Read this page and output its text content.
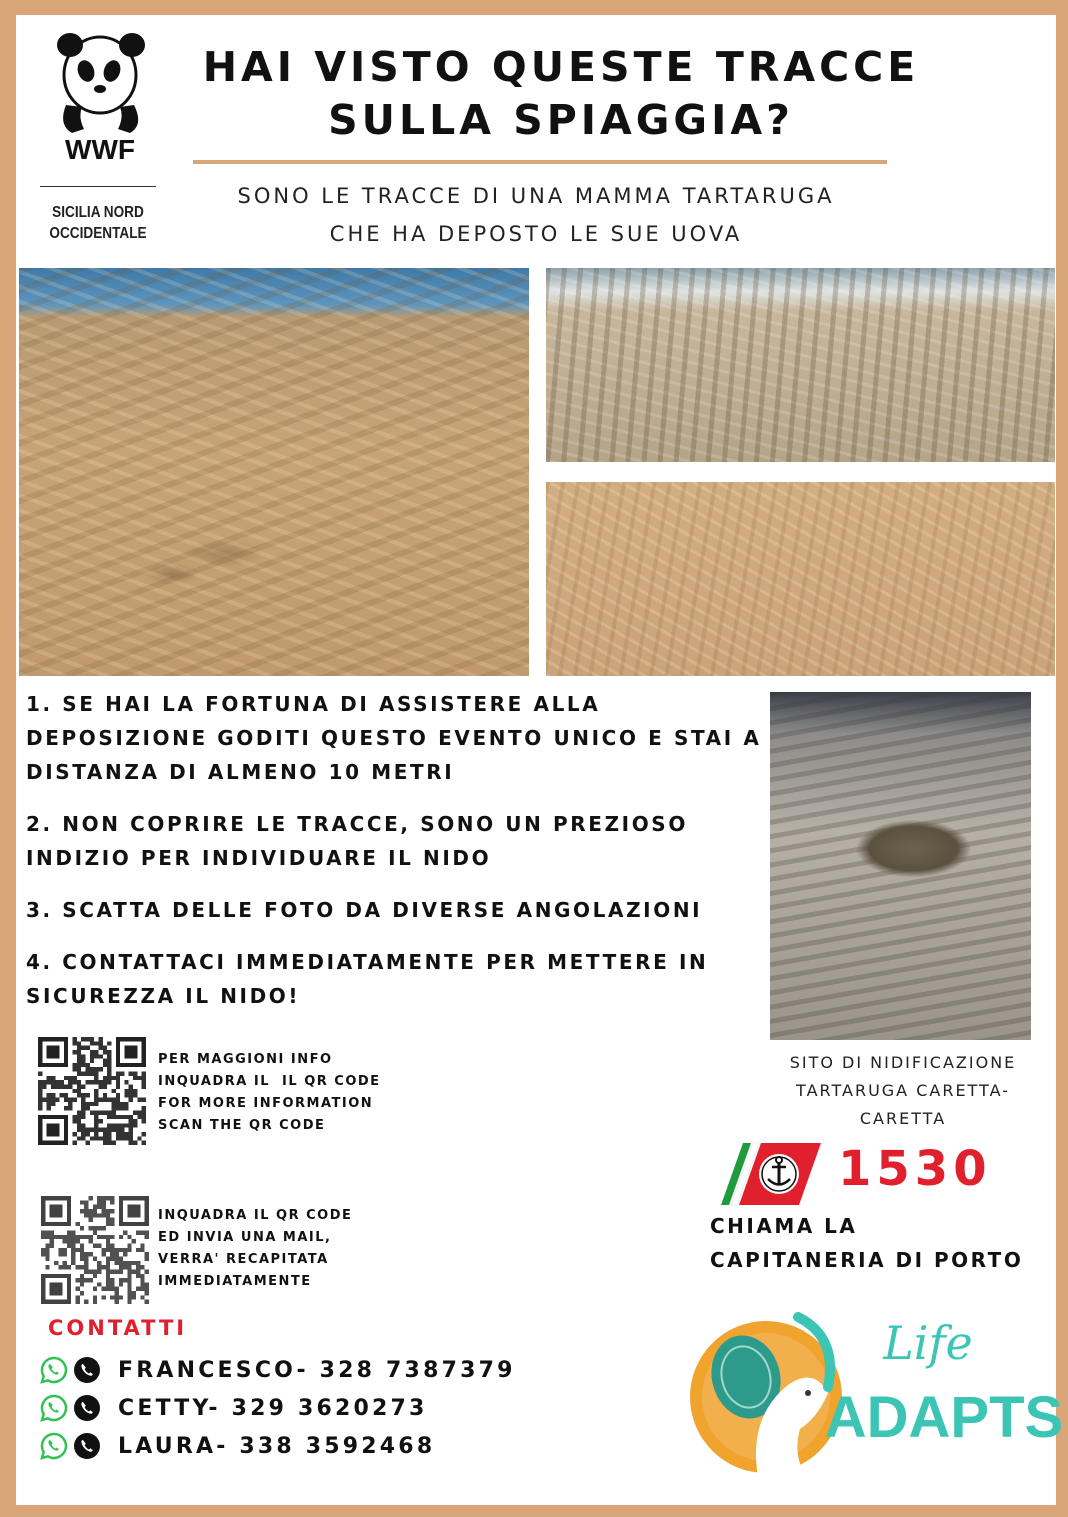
WWF
SICILIA NORD
OCCIDENTALE
HAI VISTO QUESTE TRACCE
SULLA SPIAGGIA?
SONO LE TRACCE DI UNA MAMMA TARTARUGA
CHE HA DEPOSTO LE SUE UOVA

1. SE HAI LA FORTUNA DI ASSISTERE ALLA DEPOSIZIONE GODITI QUESTO EVENTO UNICO E STAI A DISTANZA DI ALMENO 10 METRI

2. NON COPRIRE LE TRACCE, SONO UN PREZIOSO INDIZIO PER INDIVIDUARE IL NIDO

3. SCATTA DELLE FOTO DA DIVERSE ANGOLAZIONI

4. CONTATTACI IMMEDIATAMENTE PER METTERE IN SICUREZZA IL NIDO!

SITO DI NIDIFICAZIONE TARTARUGA CARETTA-CARETTA
PER MAGGIONI INFO
INQUADRA IL  IL QR CODE
FOR MORE INFORMATION
SCAN THE QR CODE
INQUADRA IL QR CODE
ED INVIA UNA MAIL,
VERRA' RECAPITATA
IMMEDIATAMENTE
1530
CHIAMA LA
CAPITANERIA DI PORTO
CONTATTI
FRANCESCO- 328 7387379
CETTY- 329 3620273
LAURA- 338 3592468
Life
ADAPTS
